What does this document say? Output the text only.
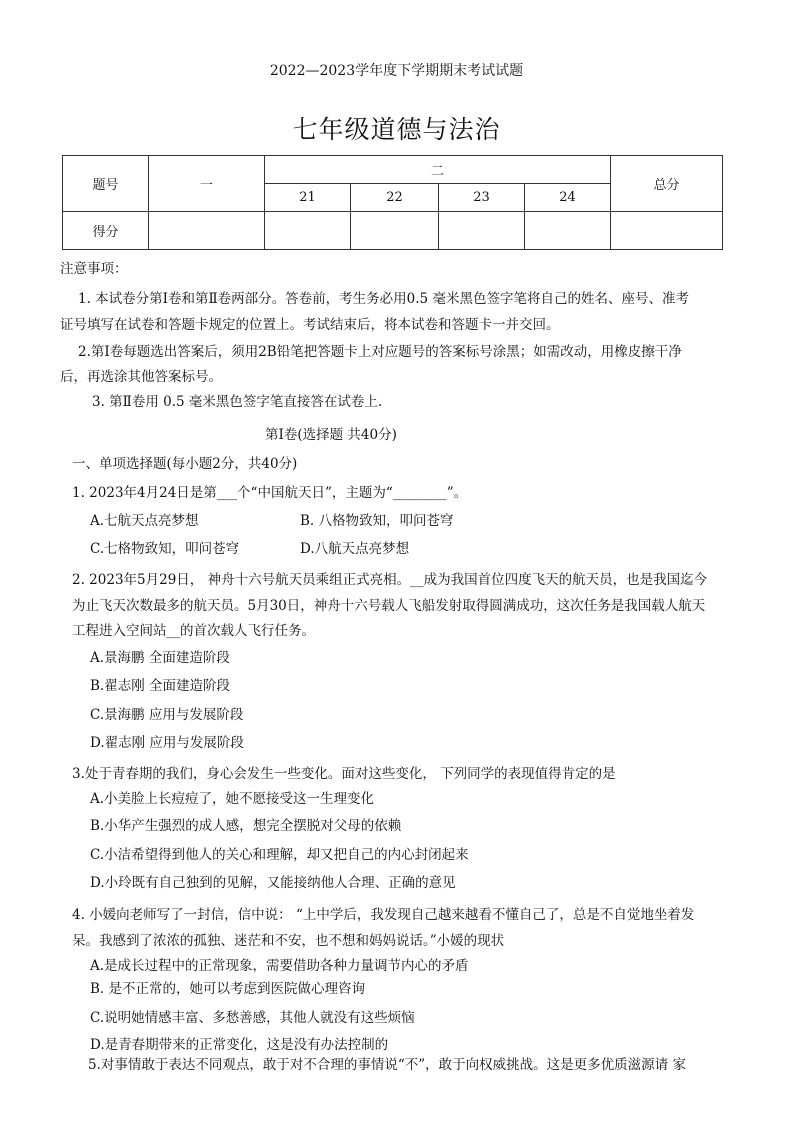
2022—2023学年度下学期期末考试试题
七年级道德与法治
题号	一	二				总分
		21	22	23	24	
得分						
注意事项：
1. 本试卷分第Ⅰ卷和第Ⅱ卷两部分。答卷前，考生务必用0.5 毫米黑色签字笔将自己的姓名、座号、准考
证号填写在试卷和答题卡规定的位置上。考试结束后，将本试卷和答题卡一并交回。
2.第Ⅰ卷每题选出答案后，须用2B铅笔把答题卡上对应题号的答案标号涂黑；如需改动，用橡皮擦干净
后，再选涂其他答案标号。
3. 第Ⅱ卷用 0.5 毫米黑色签字笔直接答在试卷上.
第Ⅰ卷(选择题 共40分)
一、单项选择题(每小题2分，共40分)
1. 2023年4月24日是第___个“中国航天日”，主题为“________”。
A.七航天点亮梦想	B. 八格物致知，叩问苍穹
C.七格物致知，叩问苍穹	D.八航天点亮梦想
2. 2023年5月29日， 神舟十六号航天员乘组正式亮相。__成为我国首位四度飞天的航天员，也是我国迄今
为止飞天次数最多的航天员。5月30日，神舟十六号载人飞船发射取得圆满成功，这次任务是我国载人航天
工程进入空间站__的首次载人飞行任务。
A.景海鹏 全面建造阶段
B.翟志刚 全面建造阶段
C.景海鹏 应用与发展阶段
D.翟志刚 应用与发展阶段
3.处于青春期的我们，身心会发生一些变化。面对这些变化， 下列同学的表现值得肯定的是
A.小美脸上长痘痘了，她不愿接受这一生理变化
B.小华产生强烈的成人感，想完全摆脱对父母的依赖
C.小洁希望得到他人的关心和理解，却又把自己的内心封闭起来
D.小玲既有自己独到的见解，又能接纳他人合理、正确的意见
4. 小媛向老师写了一封信，信中说： “上中学后，我发现自己越来越看不懂自己了，总是不自觉地坐着发
呆。我感到了浓浓的孤独、迷茫和不安，也不想和妈妈说话。”小媛的现状
A.是成长过程中的正常现象，需要借助各种力量调节内心的矛盾
B. 是不正常的，她可以考虑到医院做心理咨询
C.说明她情感丰富、多愁善感，其他人就没有这些烦恼
D.是青春期带来的正常变化，这是没有办法控制的
5.对事情敢于表达不同观点，敢于对不合理的事情说“不”，敢于向权威挑战。这是更多优质滋源请 家
